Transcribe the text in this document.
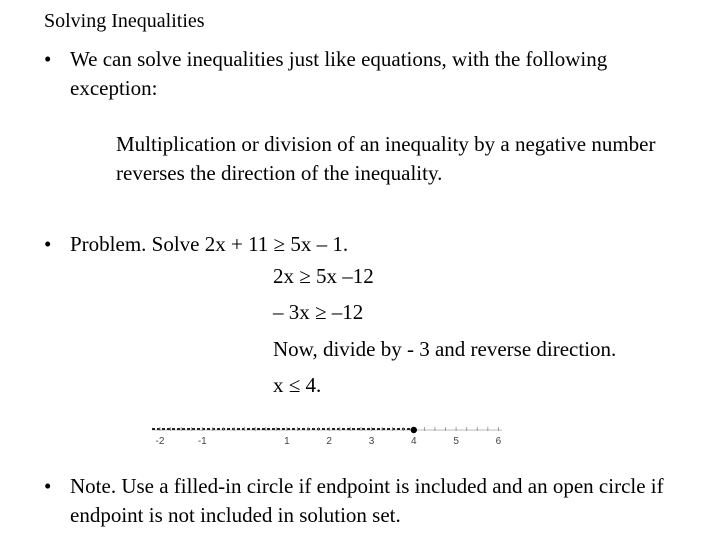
Solving Inequalities
• We can solve inequalities just like equations, with the following exception:
Multiplication or division of an inequality by a negative number reverses the direction of the inequality.
• Problem. Solve 2x + 11 ≥ 5x – 1.
2x ≥ 5x –12
– 3x ≥ –12
Now, divide by - 3 and reverse direction.
x ≤ 4.
-2	-1	1	2	3	4	5	6
• Note. Use a filled-in circle if endpoint is included and an open circle if endpoint is not included in solution set.
